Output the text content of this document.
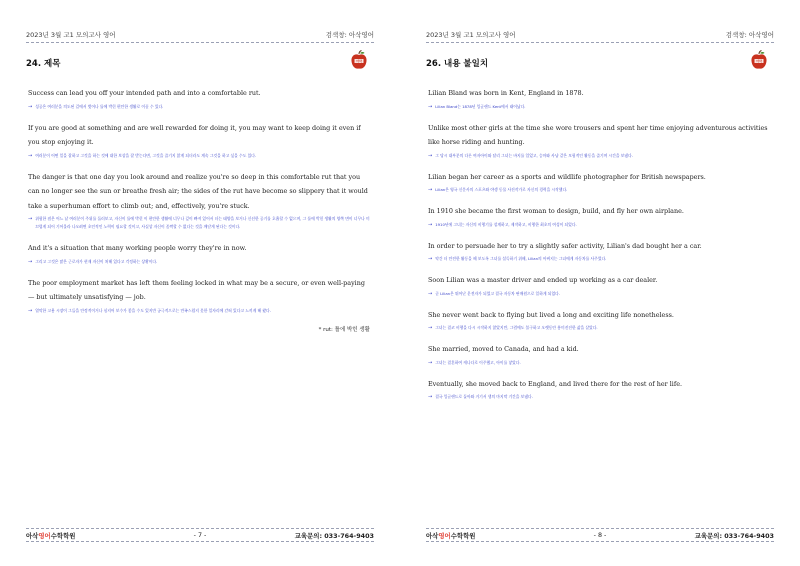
2023년 3월 고1 모의고사 영어	검색창: 아삭영어
24. 제목	아삭

Success can lead you off your intended path and into a comfortable rut.

→ 성공은 여러분을 의도된 길에서 벗어나 틀에 박힌 편안한 생활로 이끌 수 있다.

If you are good at something and are well rewarded for doing it, you may want to keep doing it even if you stop enjoying it.

→ 여러분이 어떤 일을 잘하고 그것을 하는 것에 대한 보상을 잘 받는다면, 그것을 즐기지 않게 되더라도 계속 그것을 하고 싶을 수도 있다.

The danger is that one day you look around and realize you're so deep in this comfortable rut that you can no longer see the sun or breathe fresh air; the sides of the rut have become so slippery that it would take a superhuman effort to climb out; and, effectively, you're stuck.

→ 위험한 점은 어느 날 여러분이 주위를 둘러보고, 자신이 틀에 박힌 이 편안한 생활에 너무나 깊이 빠져 있어서 더는 태양을 보거나 신선한 공기를 호흡할 수 없으며, 그 틀에 박힌 생활의 양쪽 면이 너무나 미끄럽게 되어 기어올라 나오려면 초인적인 노력이 필요할 것이고, 사실상 자신이 꼼짝할 수 없다는 것을 깨닫게 된다는 것이다.

And it's a situation that many working people worry they're in now.

→ 그리고 그것은 많은 근로자가 현재 자신이 처해 있다고 걱정하는 상황이다.

The poor employment market has left them feeling locked in what may be a secure, or even well-paying — but ultimately unsatisfying — job.

→ 열악한 고용 시장이 그들을 안정적이거나 심지어 보수가 좋을 수도 있지만 궁극적으로는 만족스럽지 못한 일자리에 갇혀 있다고 느끼게 해 왔다.

* rut: 틀에 박힌 생활
아삭영어수학학원	- 7 -	교육문의: 033-764-9403
2023년 3월 고1 모의고사 영어	검색창: 아삭영어
26. 내용 불일치	아삭

Lilian Bland was born in Kent, England in 1878.

→ Lilian Bland는 1878년 잉글랜드 Kent에서 태어났다.

Unlike most other girls at the time she wore trousers and spent her time enjoying adventurous activities like horse riding and hunting.

→ 그 당시 대부분의 다른 여자아이와 달리 그녀는 바지를 입었고, 승마와 사냥 같은 모험적인 활동을 즐기며 시간을 보냈다.

Lilian began her career as a sports and wildlife photographer for British newspapers.

→ Lilian은 영국 신문사의 스포츠와 야생 동물 사진작가로 자신의 경력을 시작했다.

In 1910 she became the first woman to design, build, and fly her own airplane.

→ 1910년에 그녀는 자신의 비행기를 설계하고, 제작하고, 비행한 최초의 여성이 되었다.

In order to persuade her to try a slightly safer activity, Lilian's dad bought her a car.

→ 약간 더 안전한 활동을 해 보도록 그녀를 설득하기 위해, Lilian의 아버지는 그녀에게 자동차를 사주었다.

Soon Lilian was a master driver and ended up working as a car dealer.

→ 곧 Lilian은 뛰어난 운전자가 되었고 결국 자동차 판매원으로 일하게 되었다.

She never went back to flying but lived a long and exciting life nonetheless.

→ 그녀는 결코 비행을 다시 시작하지 않았지만, 그럼에도 불구하고 오랫동안 흥미진진한 삶을 살았다.

She married, moved to Canada, and had a kid.

→ 그녀는 결혼하여 캐나다로 이주했고, 아이를 낳았다.

Eventually, she moved back to England, and lived there for the rest of her life.

→ 결국 잉글랜드로 돌아와 거기서 생의 마지막 기간을 보냈다.

아삭영어수학학원	- 8 -	교육문의: 033-764-9403
